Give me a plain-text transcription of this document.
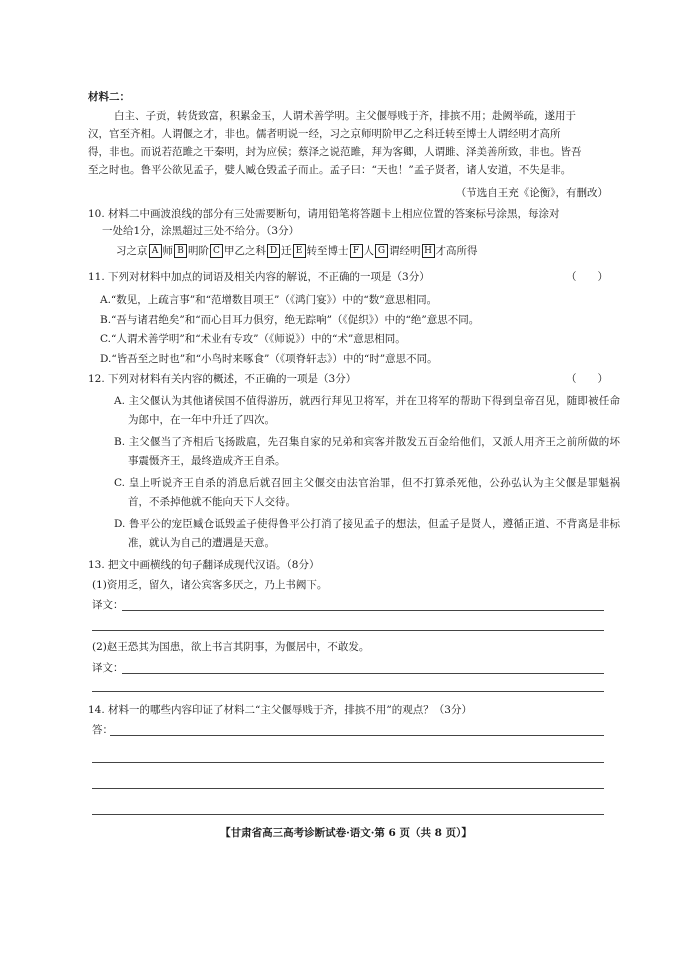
材料二：
白主、子贡，转货致富，积累金玉，人谓术善学明。主父偃辱贱于齐，排摈不用；赴阙举疏，遂用于
汉，官至齐相。人谓偃之才，非也。儒者明说一经，习之京师明阶甲乙之科迁转至博士人谓经明才高所
得，非也。而说若范雎之干秦明，封为应侯；蔡泽之说范雎，拜为客卿，人谓雎、泽美善所致，非也。皆吾
至之时也。鲁平公欲见孟子，嬖人臧仓毁孟子而止。孟子曰：“天也！”孟子贤者，诸人安道，不失是非。
（节选自王充《论衡》，有删改）
10. 材料二中画波浪线的部分有三处需要断句，请用铅笔将答题卡上相应位置的答案标号涂黑，每涂对
一处给1分，涂黑超过三处不给分。（3分）
习之京 A 师 B 明阶 C 甲乙之科 D 迁 E 转至博士 F 人 G 谓经明 H 才高所得
11. 下列对材料中加点的词语及相关内容的解说，不正确的一项是（3分）	（　　）
A.“数见，上疏言事”和“范增数目项王”（《鸿门宴》）中的“数”意思相同。
B.“吾与诸君绝矣”和“而心目耳力俱穷，绝无踪响”（《促织》）中的“绝”意思不同。
C.“人谓术善学明”和“术业有专攻”（《师说》）中的“术”意思相同。
D.“皆吾至之时也”和“小鸟时来啄食”（《项脊轩志》）中的“时”意思不同。
12. 下列对材料有关内容的概述，不正确的一项是（3分）	（　　）
A. 主父偃认为其他诸侯国不值得游历，就西行拜见卫将军，并在卫将军的帮助下得到皇帝召见，随即被任命为郎中，在一年中升迁了四次。
B. 主父偃当了齐相后飞扬跋扈，先召集自家的兄弟和宾客并散发五百金给他们，又派人用齐王之前所做的坏事震慑齐王，最终造成齐王自杀。
C. 皇上听说齐王自杀的消息后就召回主父偃交由法官治罪，但不打算杀死他，公孙弘认为主父偃是罪魁祸首，不杀掉他就不能向天下人交待。
D. 鲁平公的宠臣臧仓诋毁孟子使得鲁平公打消了接见孟子的想法，但孟子是贤人，遵循正道、不背离是非标准，就认为自己的遭遇是天意。
13. 把文中画横线的句子翻译成现代汉语。（8分）
(1)资用乏，留久，诸公宾客多厌之，乃上书阙下。
译文：
(2)赵王恐其为国患，欲上书言其阴事，为偃居中，不敢发。
译文：
14. 材料一的哪些内容印证了材料二“主父偃辱贱于齐，排摈不用”的观点？（3分）
答：
【甘肃省高三高考诊断试卷·语文·第 6 页（共 8 页）】
